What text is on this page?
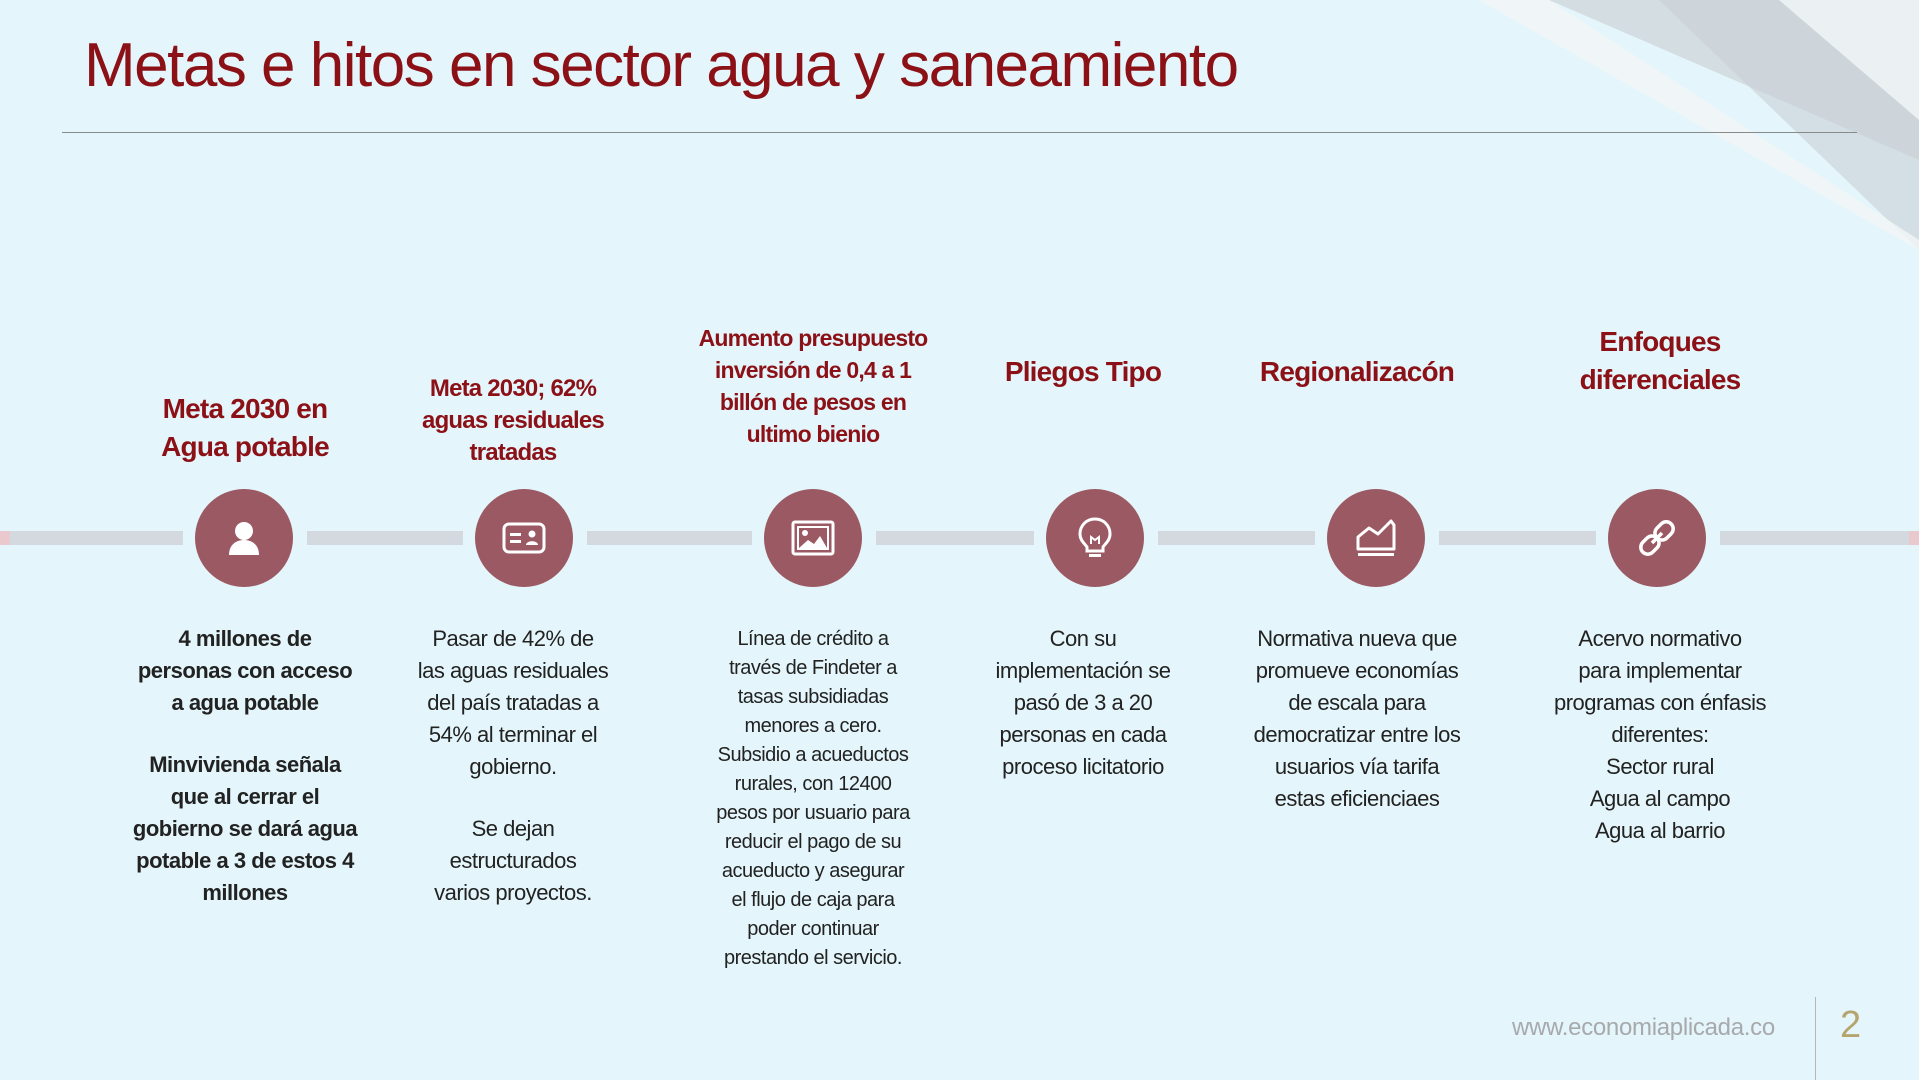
Metas e hitos en sector agua y saneamiento
Meta 2030 en
Agua potable

4 millones de
personas con acceso
a agua potable

Minvivienda señala
que al cerrar el
gobierno se dará agua
potable a 3 de estos 4
millones

Meta 2030; 62%
aguas residuales
tratadas

Pasar de 42% de
las aguas residuales
del país tratadas a
54% al terminar el
gobierno.

Se dejan
estructurados
varios proyectos.

Aumento presupuesto
inversión de 0,4 a 1
billón de pesos en
ultimo bienio

Línea de crédito a
través de Findeter a
tasas subsidiadas
menores a cero.
Subsidio a acueductos
rurales, con 12400
pesos por usuario para
reducir el pago de su
acueducto y asegurar
el flujo de caja para
poder continuar
prestando el servicio.

Pliegos Tipo

Con su
implementación se
pasó de 3 a 20
personas en cada
proceso licitatorio

Regionalizacón

Normativa nueva que
promueve economías
de escala para
democratizar entre los
usuarios vía tarifa
estas eficienciaes

Enfoques
diferenciales

Acervo normativo
para implementar
programas con énfasis
diferentes:
Sector rural
Agua al campo
Agua al barrio

www.economiaplicada.co 2
